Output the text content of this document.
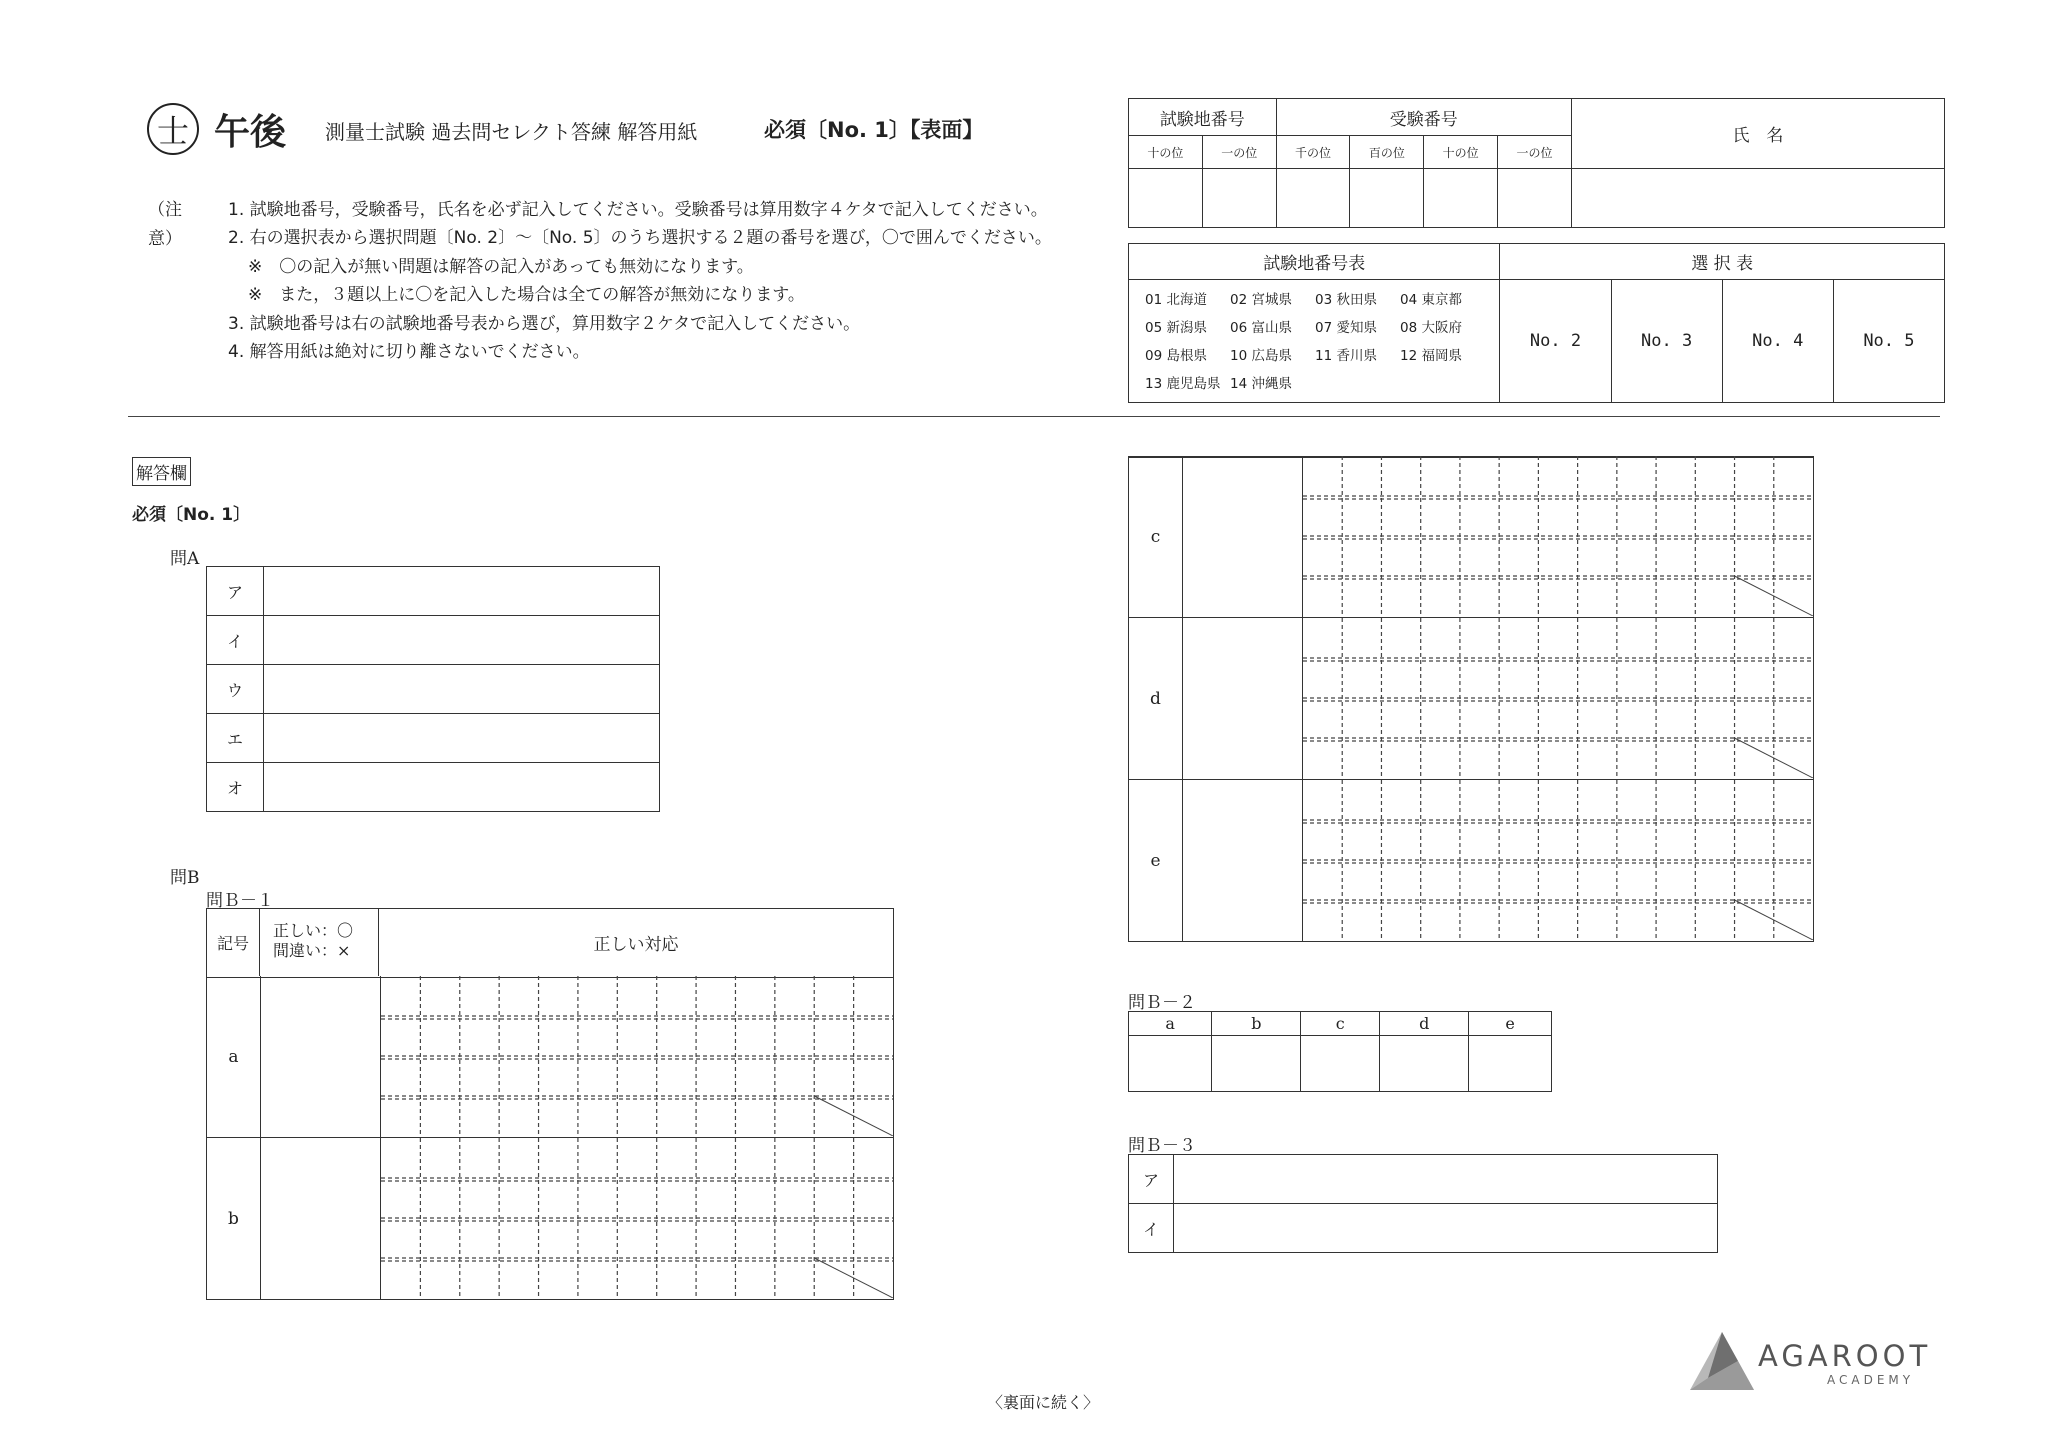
士 午後 測量士試験 過去問セレクト答練 解答用紙	必須〔No. 1〕【表面】
（注意）
1. 試験地番号，受験番号，氏名を必ず記入してください。受験番号は算用数字４ケタで記入してください。
2. 右の選択表から選択問題〔No. 2〕～〔No. 5〕のうち選択する２題の番号を選び，〇で囲んでください。
※　〇の記入が無い問題は解答の記入があっても無効になります。
※　また，３題以上に〇を記入した場合は全ての解答が無効になります。
3. 試験地番号は右の試験地番号表から選び，算用数字２ケタで記入してください。
4. 解答用紙は絶対に切り離さないでください。
試験地番号		受験番号				氏　名
十の位	一の位	千の位	百の位	十の位	一の位	

試験地番号表	選 択 表			

01 北海道 02 宮城県 03 秋田県 04 東京都
05 新潟県 06 富山県 07 愛知県 08 大阪府
09 島根県 10 広島県 11 香川県 12 福岡県
13 鹿児島県 14 沖縄県	No. 2	No. 3	No. 4	No. 5
解答欄
必須〔No. 1〕
問A
ア	
イ	
ウ	
エ	
オ	
問B
問Ｂ－１
記号
正しい：〇
間違い：×	正しい対応
a
b
c
d
e
問Ｂ－２
a	b	c	d	e

問Ｂ－３
ア	
イ	
〈裏面に続く〉
AGAROOT
ACADEMY
